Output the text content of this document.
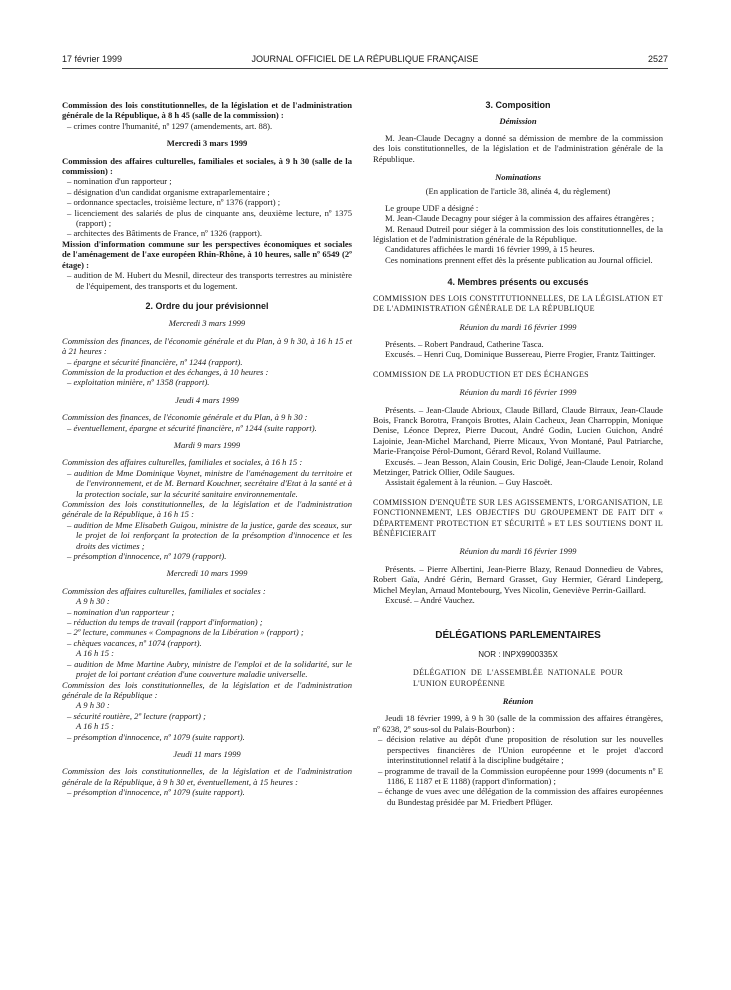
17 février 1999	JOURNAL OFFICIEL DE LA RÉPUBLIQUE FRANÇAISE	2527

Commission des lois constitutionnelles, de la législation et de l'administration générale de la République, à 8 h 45 (salle de la commission) :

– crimes contre l'humanité, nº 1297 (amendements, art. 88).

Mercredi 3 mars 1999

Commission des affaires culturelles, familiales et sociales, à 9 h 30 (salle de la commission) :

– nomination d'un rapporteur ;

– désignation d'un candidat organisme extraparlementaire ;

– ordonnance spectacles, troisième lecture, nº 1376 (rapport) ;

– licenciement des salariés de plus de cinquante ans, deuxième lecture, nº 1375 (rapport) ;

– architectes des Bâtiments de France, nº 1326 (rapport).

Mission d'information commune sur les perspectives économiques et sociales de l'aménagement de l'axe européen Rhin-Rhône, à 10 heures, salle nº 6549 (2º étage) :

– audition de M. Hubert du Mesnil, directeur des transports terrestres au ministère de l'équipement, des transports et du logement.

2. Ordre du jour prévisionnel
Mercredi 3 mars 1999

Commission des finances, de l'économie générale et du Plan, à 9 h 30, à 16 h 15 et à 21 heures :

– épargne et sécurité financière, nº 1244 (rapport).

Commission de la production et des échanges, à 10 heures :

– exploitation minière, nº 1358 (rapport).

Jeudi 4 mars 1999

Commission des finances, de l'économie générale et du Plan, à 9 h 30 :

– éventuellement, épargne et sécurité financière, nº 1244 (suite rapport).

Mardi 9 mars 1999

Commission des affaires culturelles, familiales et sociales, à 16 h 15 :

– audition de Mme Dominique Voynet, ministre de l'aménagement du territoire et de l'environnement, et de M. Bernard Kouchner, secrétaire d'Etat à la santé et à la protection sociale, sur la sécurité sanitaire environnementale.

Commission des lois constitutionnelles, de la législation et de l'administration générale de la République, à 16 h 15 :

– audition de Mme Elisabeth Guigou, ministre de la justice, garde des sceaux, sur le projet de loi renforçant la protection de la présomption d'innocence et les droits des victimes ;

– présomption d'innocence, nº 1079 (rapport).

Mercredi 10 mars 1999

Commission des affaires culturelles, familiales et sociales :

A 9 h 30 :

– nomination d'un rapporteur ;

– réduction du temps de travail (rapport d'information) ;

– 2º lecture, communes « Compagnons de la Libération » (rapport) ;

– chèques vacances, nº 1074 (rapport).

A 16 h 15 :

– audition de Mme Martine Aubry, ministre de l'emploi et de la solidarité, sur le projet de loi portant création d'une couverture maladie universelle.

Commission des lois constitutionnelles, de la législation et de l'administration générale de la République :

A 9 h 30 :

– sécurité routière, 2º lecture (rapport) ;

A 16 h 15 :

– présomption d'innocence, nº 1079 (suite rapport).

Jeudi 11 mars 1999

Commission des lois constitutionnelles, de la législation et de l'administration générale de la République, à 9 h 30 et, éventuellement, à 15 heures :

– présomption d'innocence, nº 1079 (suite rapport).

3. Composition
Démission

M. Jean-Claude Decagny a donné sa démission de membre de la commission des lois constitutionnelles, de la législation et de l'administration générale de la République.

Nominations

(En application de l'article 38, alinéa 4, du règlement)

Le groupe UDF a désigné :

M. Jean-Claude Decagny pour siéger à la commission des affaires étrangères ;

M. Renaud Dutreil pour siéger à la commission des lois constitutionnelles, de la législation et de l'administration générale de la République.

Candidatures affichées le mardi 16 février 1999, à 15 heures.

Ces nominations prennent effet dès la présente publication au Journal officiel.

4. Membres présents ou excusés

COMMISSION DES LOIS CONSTITUTIONNELLES, DE LA LÉGISLATION ET DE L'ADMINISTRATION GÉNÉRALE DE LA RÉPUBLIQUE

Réunion du mardi 16 février 1999

Présents. – Robert Pandraud, Catherine Tasca.

Excusés. – Henri Cuq, Dominique Bussereau, Pierre Frogier, Frantz Taittinger.

COMMISSION DE LA PRODUCTION ET DES ÉCHANGES

Réunion du mardi 16 février 1999

Présents. – Jean-Claude Abrioux, Claude Billard, Claude Birraux, Jean-Claude Bois, Franck Borotra, François Brottes, Alain Cacheux, Jean Charroppin, Monique Denise, Léonce Deprez, Pierre Ducout, André Godin, Lucien Guichon, André Lajoinie, Jean-Michel Marchand, Pierre Micaux, Yvon Montané, Paul Patriarche, Marie-Françoise Pérol-Dumont, Gérard Revol, Roland Vuillaume.

Excusés. – Jean Besson, Alain Cousin, Eric Doligé, Jean-Claude Lenoir, Roland Metzinger, Patrick Ollier, Odile Saugues.

Assistait également à la réunion. – Guy Hascoët.

COMMISSION D'ENQUÊTE SUR LES AGISSEMENTS, L'ORGANISATION, LE FONCTIONNEMENT, LES OBJECTIFS DU GROUPEMENT DE FAIT DIT « DÉPARTEMENT PROTECTION ET SÉCURITÉ » ET LES SOUTIENS DONT IL BÉNÉFICIERAIT

Réunion du mardi 16 février 1999

Présents. – Pierre Albertini, Jean-Pierre Blazy, Renaud Donnedieu de Vabres, Robert Gaïa, André Gérin, Bernard Grasset, Guy Hermier, Gérard Lindeperg, Michel Meylan, Arnaud Montebourg, Yves Nicolin, Geneviève Perrin-Gaillard.

Excusé. – André Vauchez.

DÉLÉGATIONS PARLEMENTAIRES

NOR : INPX9900335X

DÉLÉGATION DE L'ASSEMBLÉE NATIONALE POUR L'UNION EUROPÉENNE

Réunion

Jeudi 18 février 1999, à 9 h 30 (salle de la commission des affaires étrangères, nº 6238, 2º sous-sol du Palais-Bourbon) :

– décision relative au dépôt d'une proposition de résolution sur les nouvelles perspectives financières de l'Union européenne et le projet d'accord interinstitutionnel relatif à la discipline budgétaire ;

– programme de travail de la Commission européenne pour 1999 (documents nº E 1186, E 1187 et E 1188) (rapport d'information) ;

– échange de vues avec une délégation de la commission des affaires européennes du Bundestag présidée par M. Friedbert Pflüger.
